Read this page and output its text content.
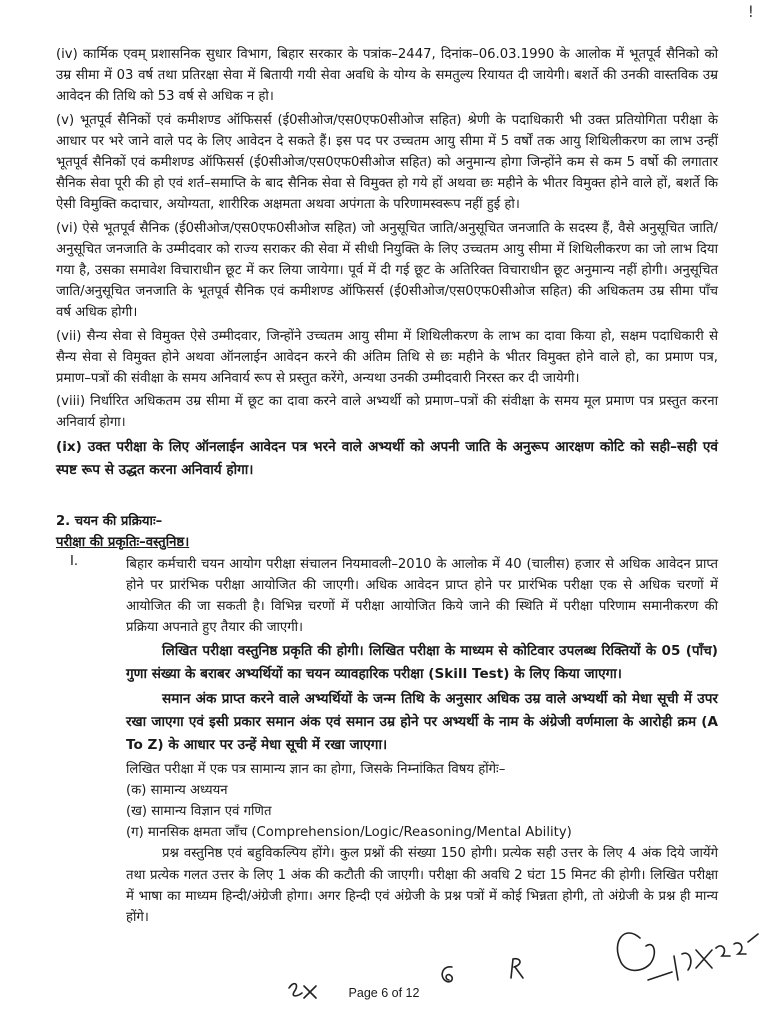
!

(iv) कार्मिक एवम् प्रशासनिक सुधार विभाग, बिहार सरकार के पत्रांक–2447, दिनांक–06.03.1990 के आलोक में भूतपूर्व सैनिको को उम्र सीमा में 03 वर्ष तथा प्रतिरक्षा सेवा में बितायी गयी सेवा अवधि के योग्य के समतुल्य रियायत दी जायेगी। बशर्ते की उनकी वास्तविक उम्र आवेदन की तिथि को 53 वर्ष से अधिक न हो।

(v) भूतपूर्व सैनिकों एवं कमीशण्ड ऑफिसर्स (ई0सीओज/एस0एफ0सीओज सहित) श्रेणी के पदाधिकारी भी उक्त प्रतियोगिता परीक्षा के आधार पर भरे जाने वाले पद के लिए आवेदन दे सकते हैं। इस पद पर उच्चतम आयु सीमा में 5 वर्षों तक आयु शिथिलीकरण का लाभ उन्हीं भूतपूर्व सैनिकों एवं कमीशण्ड ऑफिसर्स (ई0सीओज/एस0एफ0सीओज सहित) को अनुमान्य होगा जिन्होंने कम से कम 5 वर्षो की लगातार सैनिक सेवा पूरी की हो एवं शर्त–समाप्ति के बाद सैनिक सेवा से विमुक्त हो गये हों अथवा छः महीने के भीतर विमुक्त होने वाले हों, बशर्ते कि ऐसी विमुक्ति कदाचार, अयोग्यता, शारीरिक अक्षमता अथवा अपंगता के परिणामस्वरूप नहीं हुई हो।

(vi) ऐसे भूतपूर्व सैनिक (ई0सीओज/एस0एफ0सीओज सहित) जो अनुसूचित जाति/अनुसूचित जनजाति के सदस्य हैं, वैसे अनुसूचित जाति/अनुसूचित जनजाति के उम्मीदवार को राज्य सराकर की सेवा में सीधी नियुक्ति के लिए उच्चतम आयु सीमा में शिथिलीकरण का जो लाभ दिया गया है, उसका समावेश विचाराधीन छूट में कर लिया जायेगा। पूर्व में दी गई छूट के अतिरिक्त विचाराधीन छूट अनुमान्य नहीं होगी। अनुसूचित जाति/अनुसूचित जनजाति के भूतपूर्व सैनिक एवं कमीशण्ड ऑफिसर्स (ई0सीओज/एस0एफ0सीओज सहित) की अधिकतम उम्र सीमा पाँच वर्ष अधिक होगी।

(vii) सैन्य सेवा से विमुक्त ऐसे उम्मीदवार, जिन्होंने उच्चतम आयु सीमा में शिथिलीकरण के लाभ का दावा किया हो, सक्षम पदाधिकारी से सैन्य सेवा से विमुक्त होने अथवा ऑनलाईन आवेदन करने की अंतिम तिथि से छः महीने के भीतर विमुक्त होने वाले हो, का प्रमाण पत्र, प्रमाण–पत्रों की संवीक्षा के समय अनिवार्य रूप से प्रस्तुत करेंगे, अन्यथा उनकी उम्मीदवारी निरस्त कर दी जायेगी।

(viii) निर्धारित अधिकतम उम्र सीमा में छूट का दावा करने वाले अभ्यर्थी को प्रमाण–पत्रों की संवीक्षा के समय मूल प्रमाण पत्र प्रस्तुत करना अनिवार्य होगा।

(ix) उक्त परीक्षा के लिए ऑनलाईन आवेदन पत्र भरने वाले अभ्यर्थी को अपनी जाति के अनुरूप आरक्षण कोटि को सही–सही एवं स्पष्ट रूप से उद्धत करना अनिवार्य होगा।

2. चयन की प्रक्रियाः–
परीक्षा की प्रकृतिः–वस्तुनिष्ठ।
I.	बिहार कर्मचारी चयन आयोग परीक्षा संचालन नियमावली–2010 के आलोक में 40 (चालीस) हजार से अधिक आवेदन प्राप्त होने पर प्रारंभिक परीक्षा आयोजित की जाएगी। अधिक आवेदन प्राप्त होने पर प्रारंभिक परीक्षा एक से अधिक चरणों में आयोजित की जा सकती है। विभिन्न चरणों में परीक्षा आयोजित किये जाने की स्थिति में परीक्षा परिणाम समानीकरण की प्रक्रिया अपनाते हुए तैयार की जाएगी।

लिखित परीक्षा वस्तुनिष्ठ प्रकृति की होगी। लिखित परीक्षा के माध्यम से कोटिवार उपलब्ध रिक्तियों के 05 (पाँच) गुणा संख्या के बराबर अभ्यर्थियों का चयन व्यावहारिक परीक्षा (Skill Test) के लिए किया जाएगा।

समान अंक प्राप्त करने वाले अभ्यर्थियों के जन्म तिथि के अनुसार अधिक उम्र वाले अभ्यर्थी को मेधा सूची में उपर रखा जाएगा एवं इसी प्रकार समान अंक एवं समान उम्र होने पर अभ्यर्थी के नाम के अंग्रेजी वर्णमाला के आरोही क्रम (A To Z) के आधार पर उन्हें मेधा सूची में रखा जाएगा।

लिखित परीक्षा में एक पत्र सामान्य ज्ञान का होगा, जिसके निम्नांकित विषय होंगेः–

(क) सामान्य अध्ययन

(ख) सामान्य विज्ञान एवं गणित

(ग) मानसिक क्षमता जाँच (Comprehension/Logic/Reasoning/Mental Ability)

प्रश्न वस्तुनिष्ठ एवं बहुविकल्पिय होंगे। कुल प्रश्नों की संख्या 150 होगी। प्रत्येक सही उत्तर के लिए 4 अंक दिये जायेंगे तथा प्रत्येक गलत उत्तर के लिए 1 अंक की कटौती की जाएगी। परीक्षा की अवधि 2 घंटा 15 मिनट की होगी। लिखित परीक्षा में भाषा का माध्यम हिन्दी/अंग्रेजी होगा। अगर हिन्दी एवं अंग्रेजी के प्रश्न पत्रों में कोई भिन्नता होगी, तो अंग्रेजी के प्रश्न ही मान्य होंगे।

Page 6 of 12
